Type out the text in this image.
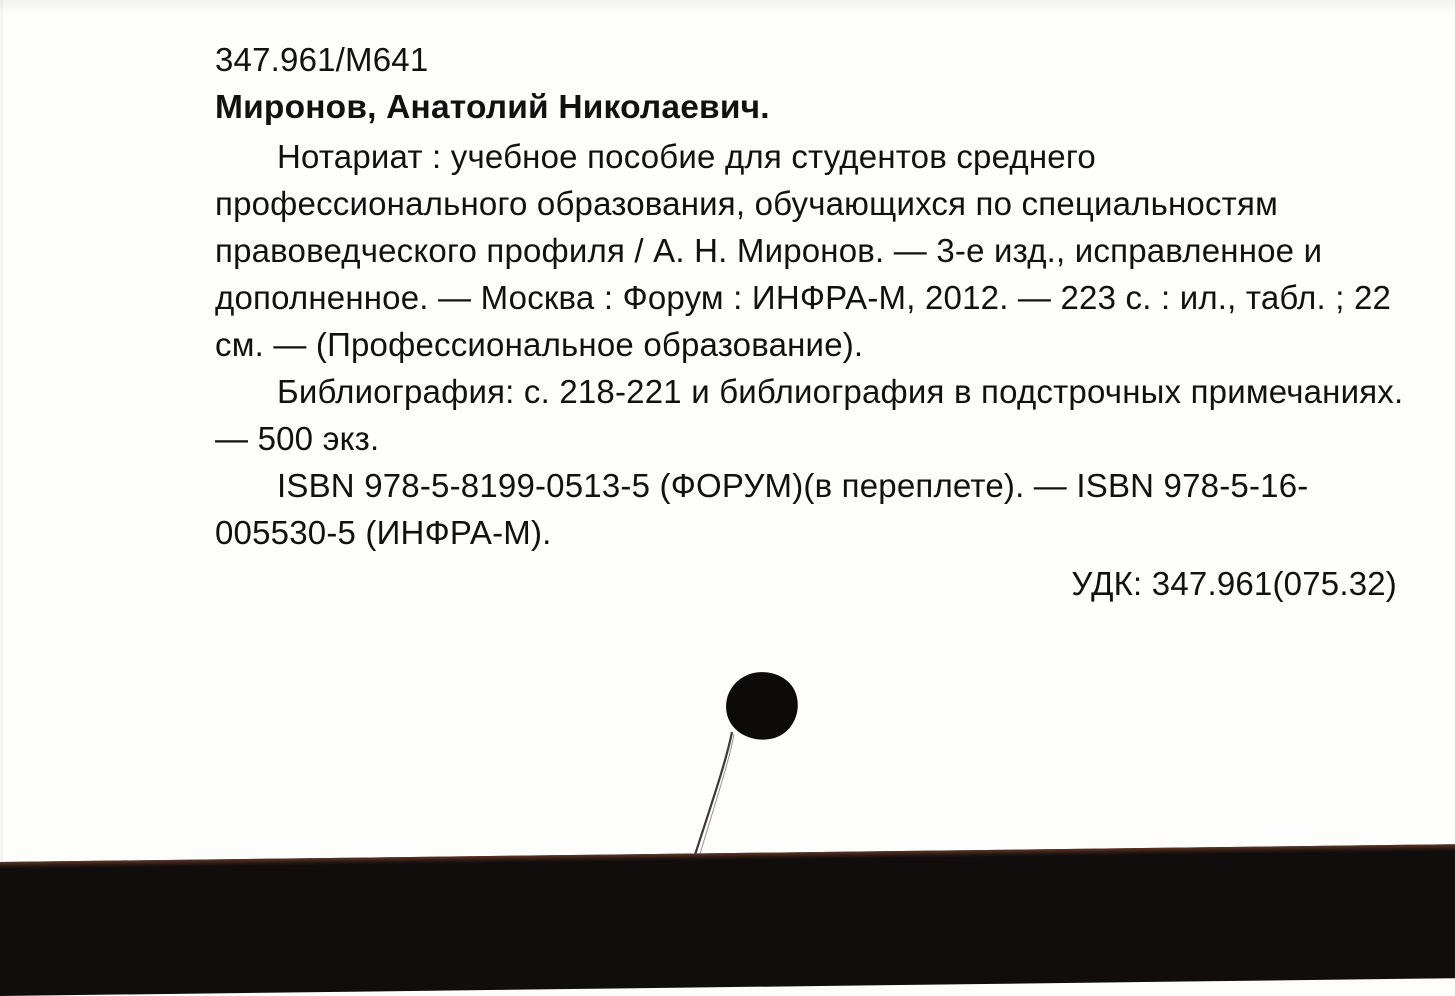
347.961/М641
Миронов, Анатолий Николаевич.

Нотариат : учебное пособие для студентов среднего профессионального образования, обучающихся по специальностям правоведческого профиля / А. Н. Миронов. — 3-е изд., исправленное и дополненное. — Москва : Форум : ИНФРА-М, 2012. — 223 с. : ил., табл. ; 22 см. — (Профессиональное образование).

Библиография: с. 218-221 и библиография в подстрочных примечаниях. — 500 экз.

ISBN 978-5-8199-0513-5 (ФОРУМ)(в переплете). — ISBN 978-5-16-005530-5 (ИНФРА-М).

УДК: 347.961(075.32)
